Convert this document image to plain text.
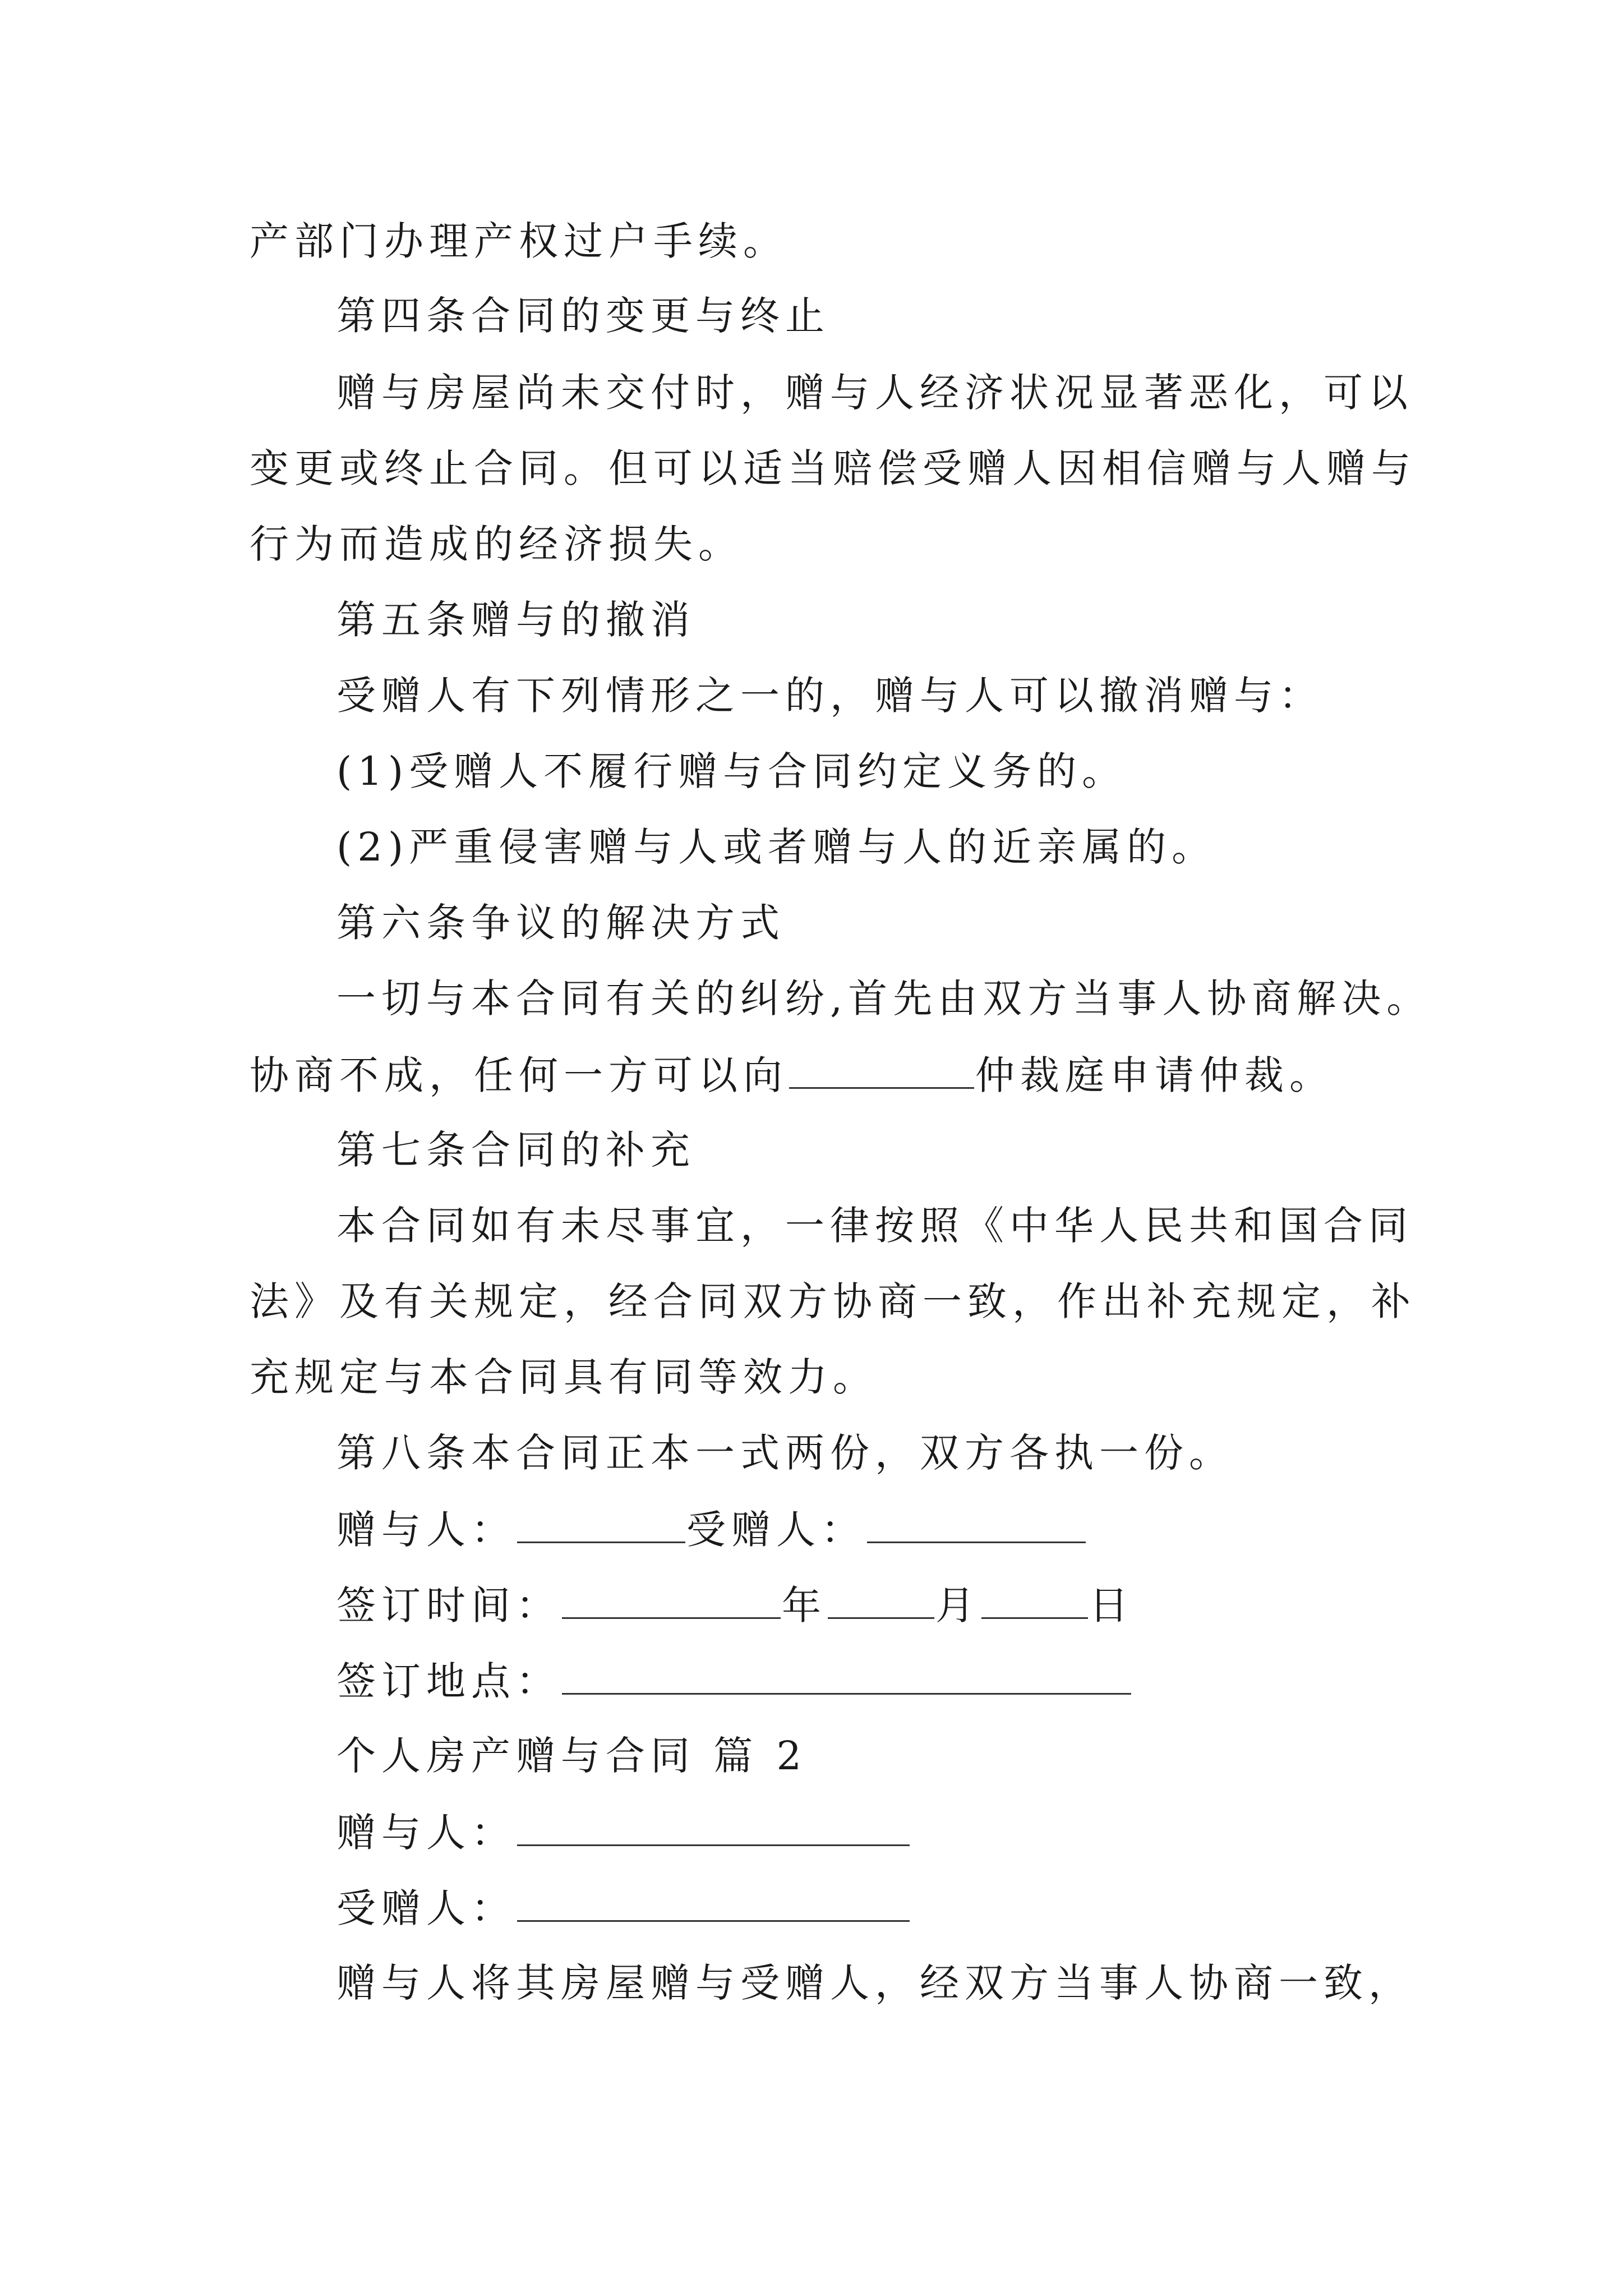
产部门办理产权过户手续。
第四条合同的变更与终止
赠与房屋尚未交付时，赠与人经济状况显著恶化，可以
变更或终止合同。但可以适当赔偿受赠人因相信赠与人赠与
行为而造成的经济损失。
第五条赠与的撤消
受赠人有下列情形之一的，赠与人可以撤消赠与：
(1)受赠人不履行赠与合同约定义务的。
(2)严重侵害赠与人或者赠与人的近亲属的。
第六条争议的解决方式
一切与本合同有关的纠纷,首先由双方当事人协商解决。
协商不成，任何一方可以向	仲裁庭申请仲裁。
第七条合同的补充
本合同如有未尽事宜，一律按照《中华人民共和国合同
法》及有关规定，经合同双方协商一致，作出补充规定，补
充规定与本合同具有同等效力。
第八条本合同正本一式两份，双方各执一份。
赠与人：	受赠人：
签订时间：	年	月	日
签订地点：
个人房产赠与合同 篇 2
赠与人：
受赠人：
赠与人将其房屋赠与受赠人，经双方当事人协商一致，
